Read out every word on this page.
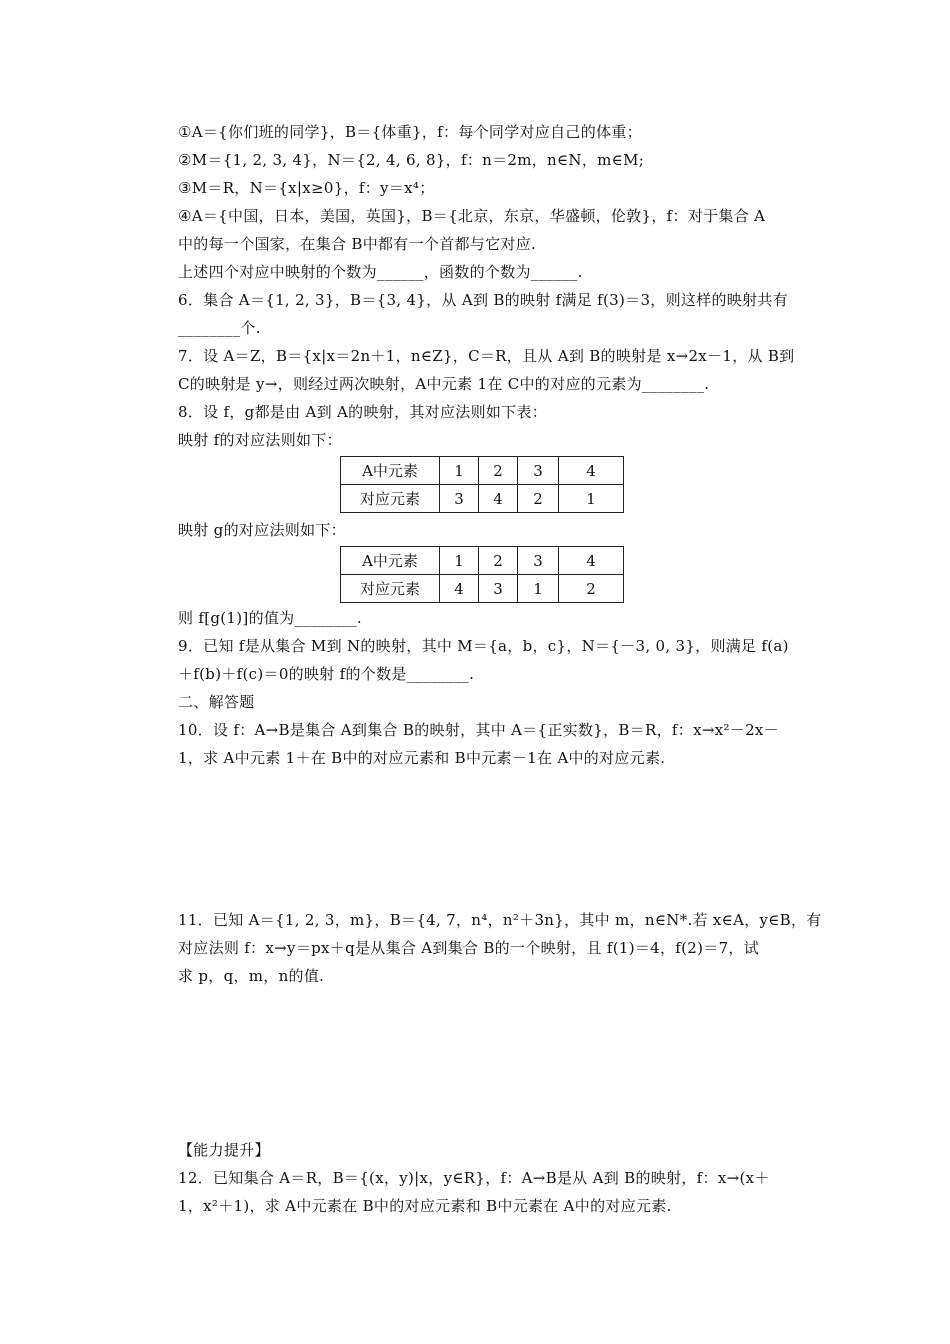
①A＝{你们班的同学}，B＝{体重}，f：每个同学对应自己的体重；
②M＝{1, 2, 3, 4}，N＝{2, 4, 6, 8}，f：n＝2m，n∈N，m∈M;
③M＝R，N＝{x|x≥0}，f：y＝x⁴；
④A＝{中国，日本，美国，英国}，B＝{北京，东京，华盛顿，伦敦}，f：对于集合 A
中的每一个国家，在集合 B中都有一个首都与它对应.
上述四个对应中映射的个数为______，函数的个数为______.
6．集合 A＝{1, 2, 3}，B＝{3, 4}，从 A到 B的映射 f满足 f(3)＝3，则这样的映射共有
________个.
7．设 A＝Z，B＝{x|x＝2n＋1，n∈Z}，C＝R，且从 A到 B的映射是 x→2x－1，从 B到
C的映射是 y→，则经过两次映射，A中元素 1在 C中的对应的元素为________.
8．设 f，g都是由 A到 A的映射，其对应法则如下表：
映射 f的对应法则如下：
A中元素	1	2	3	4
对应元素	3	4	2	1
映射 g的对应法则如下：
A中元素	1	2	3	4
对应元素	4	3	1	2
则 f[g(1)]的值为________.
9．已知 f是从集合 M到 N的映射，其中 M＝{a，b，c}，N＝{－3, 0, 3}，则满足 f(a)
＋f(b)＋f(c)＝0的映射 f的个数是________.
二、解答题
10．设 f：A→B是集合 A到集合 B的映射，其中 A＝{正实数}，B＝R，f：x→x²－2x－
1，求 A中元素 1＋在 B中的对应元素和 B中元素－1在 A中的对应元素.
11．已知 A＝{1, 2, 3，m}，B＝{4, 7，n⁴，n²＋3n}，其中 m，n∈N*.若 x∈A，y∈B，有
对应法则 f：x→y＝px＋q是从集合 A到集合 B的一个映射，且 f(1)＝4，f(2)＝7，试
求 p，q，m，n的值.
【能力提升】
12．已知集合 A＝R，B＝{(x，y)|x，y∈R}，f：A→B是从 A到 B的映射，f：x→(x＋
1，x²＋1)，求 A中元素在 B中的对应元素和 B中元素在 A中的对应元素.
